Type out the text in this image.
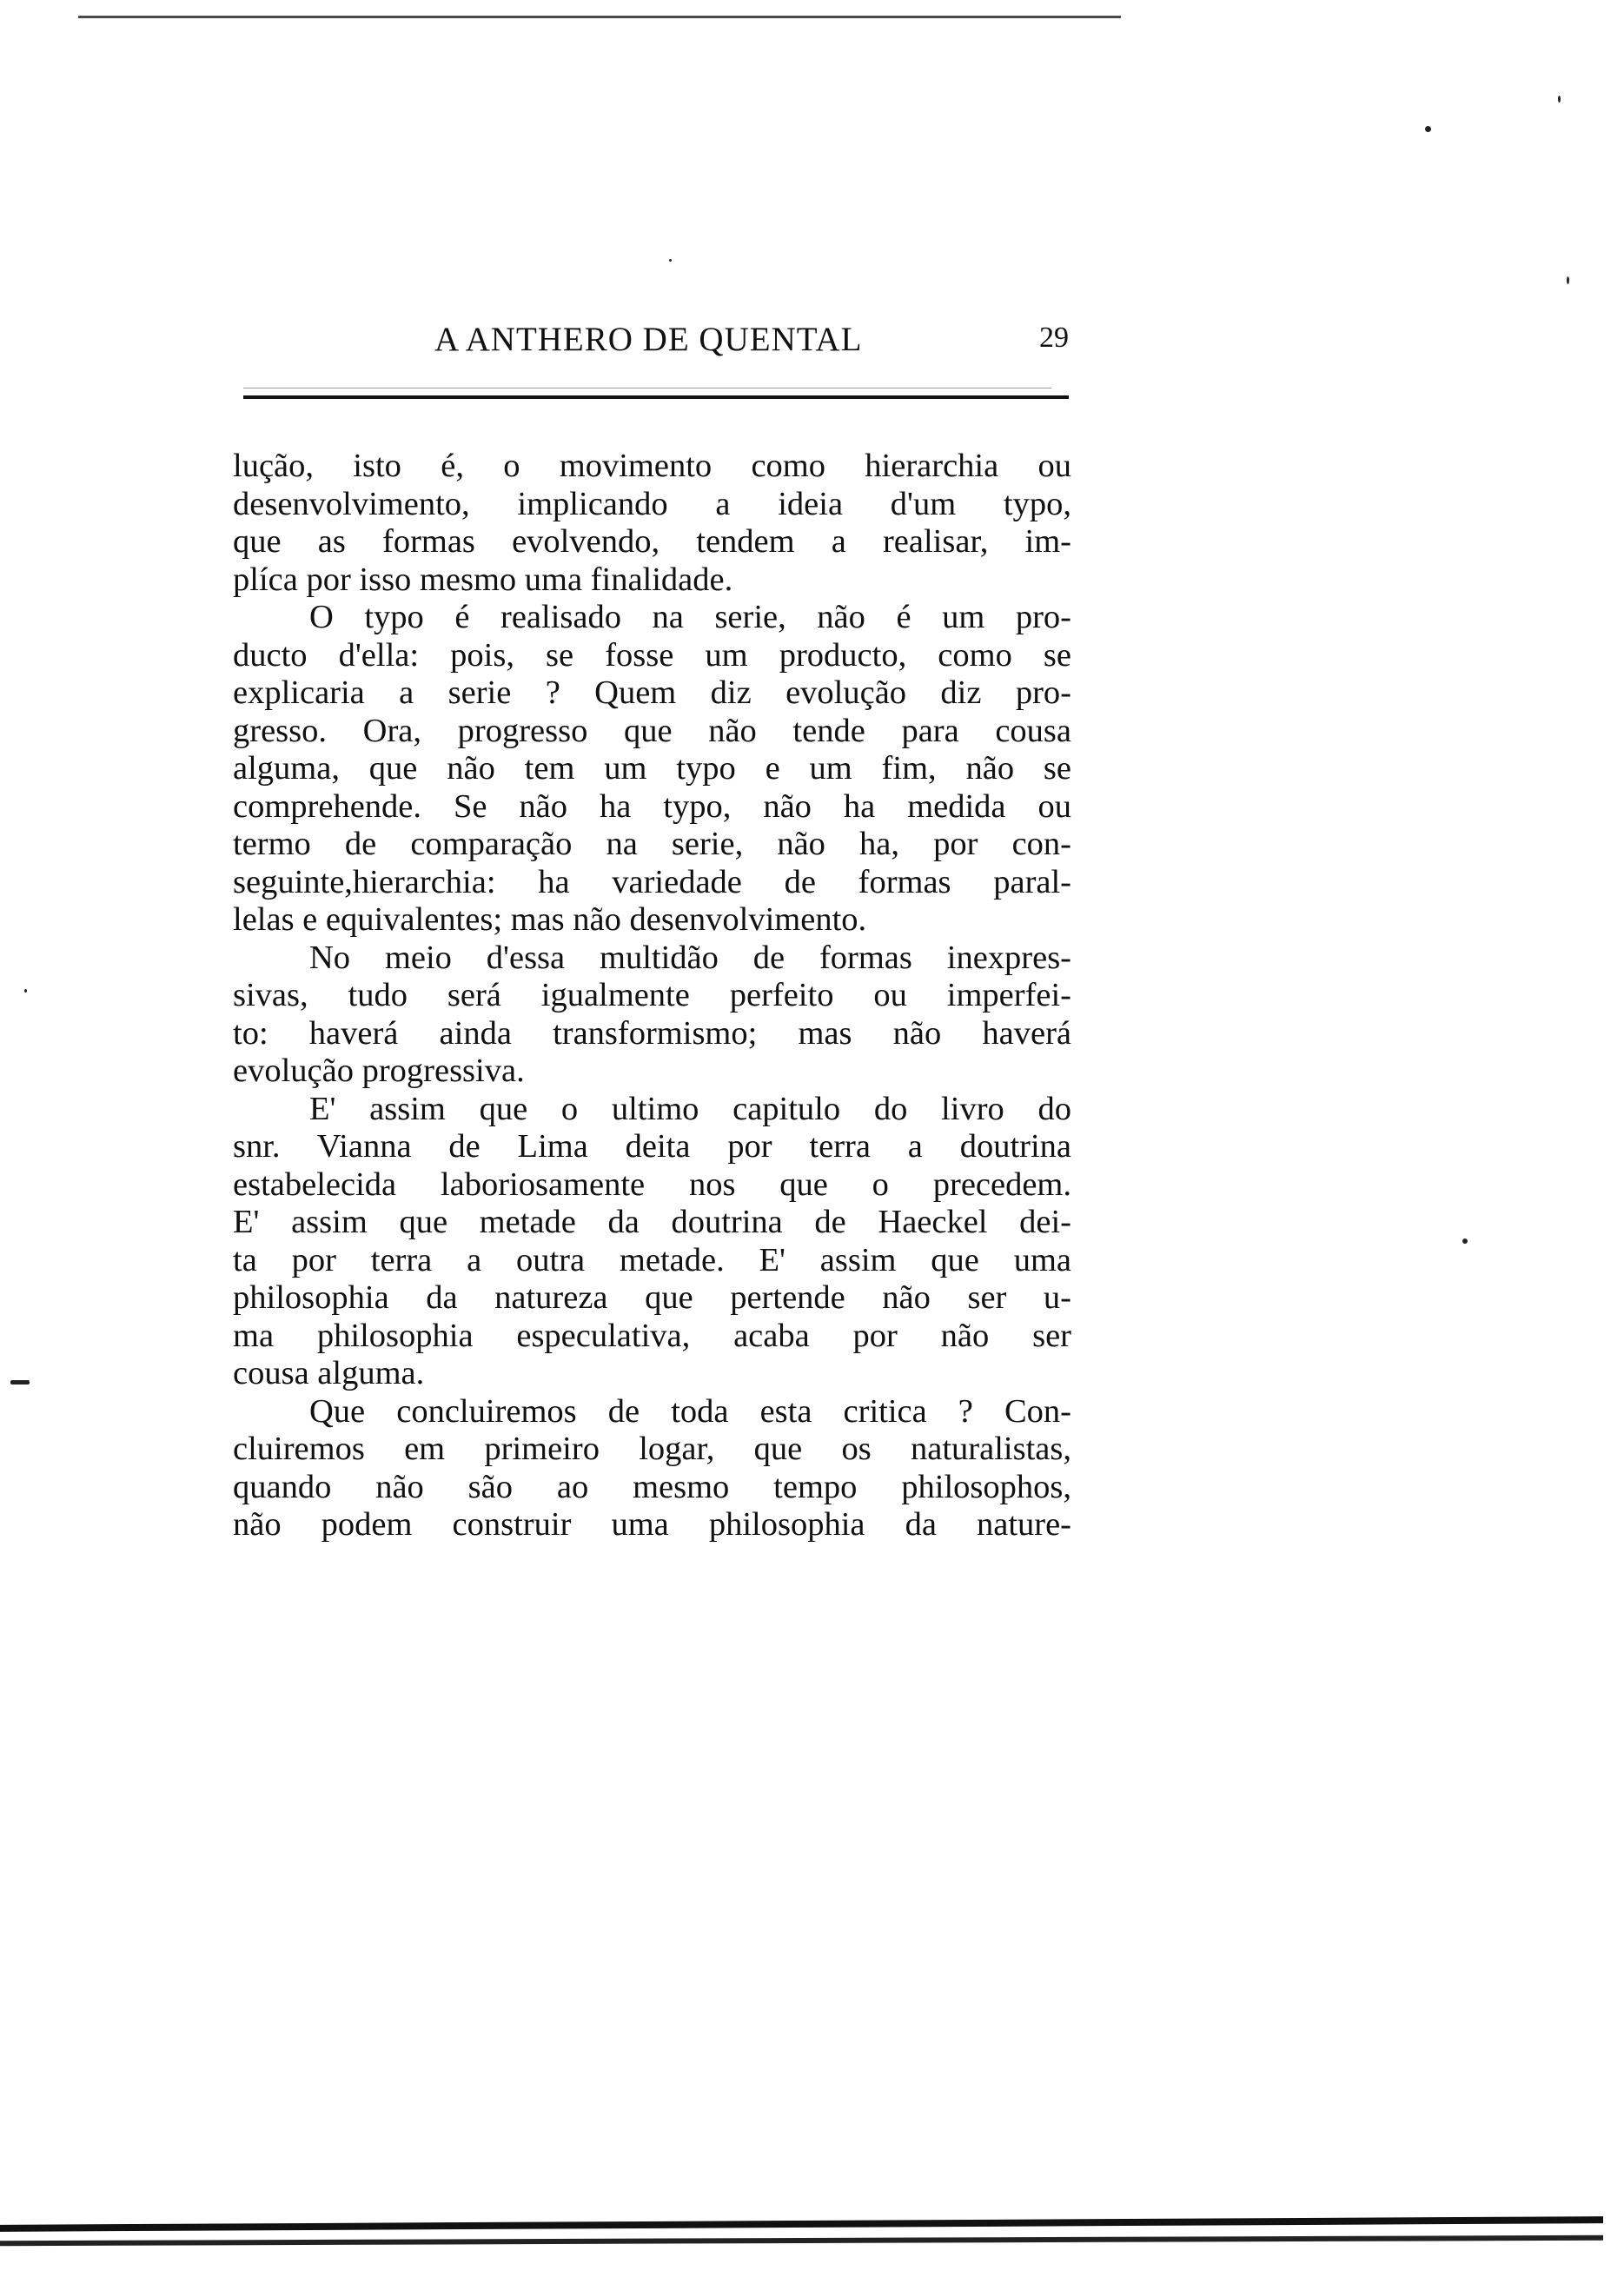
A ANTHERO DE QUENTAL	29
lução, isto é, o movimento como hierarchia ou
desenvolvimento, implicando a ideia d'um typo,
que as formas evolvendo, tendem a realisar, im-
plíca por isso mesmo uma finalidade.
O typo é realisado na serie, não é um pro-
ducto d'ella: pois, se fosse um producto, como se
explicaria a serie ? Quem diz evolução diz pro-
gresso. Ora, progresso que não tende para cousa
alguma, que não tem um typo e um fim, não se
comprehende. Se não ha typo, não ha medida ou
termo de comparação na serie, não ha, por con-
seguinte,hierarchia: ha variedade de formas paral-
lelas e equivalentes; mas não desenvolvimento.
No meio d'essa multidão de formas inexpres-
sivas, tudo será igualmente perfeito ou imperfei-
to: haverá ainda transformismo; mas não haverá
evolução progressiva.
E' assim que o ultimo capitulo do livro do
snr. Vianna de Lima deita por terra a doutrina
estabelecida laboriosamente nos que o precedem.
E' assim que metade da doutrina de Haeckel dei-
ta por terra a outra metade. E' assim que uma
philosophia da natureza que pertende não ser u-
ma philosophia especulativa, acaba por não ser
cousa alguma.
Que concluiremos de toda esta critica ? Con-
cluiremos em primeiro logar, que os naturalistas,
quando não são ao mesmo tempo philosophos,
não podem construir uma philosophia da nature-
